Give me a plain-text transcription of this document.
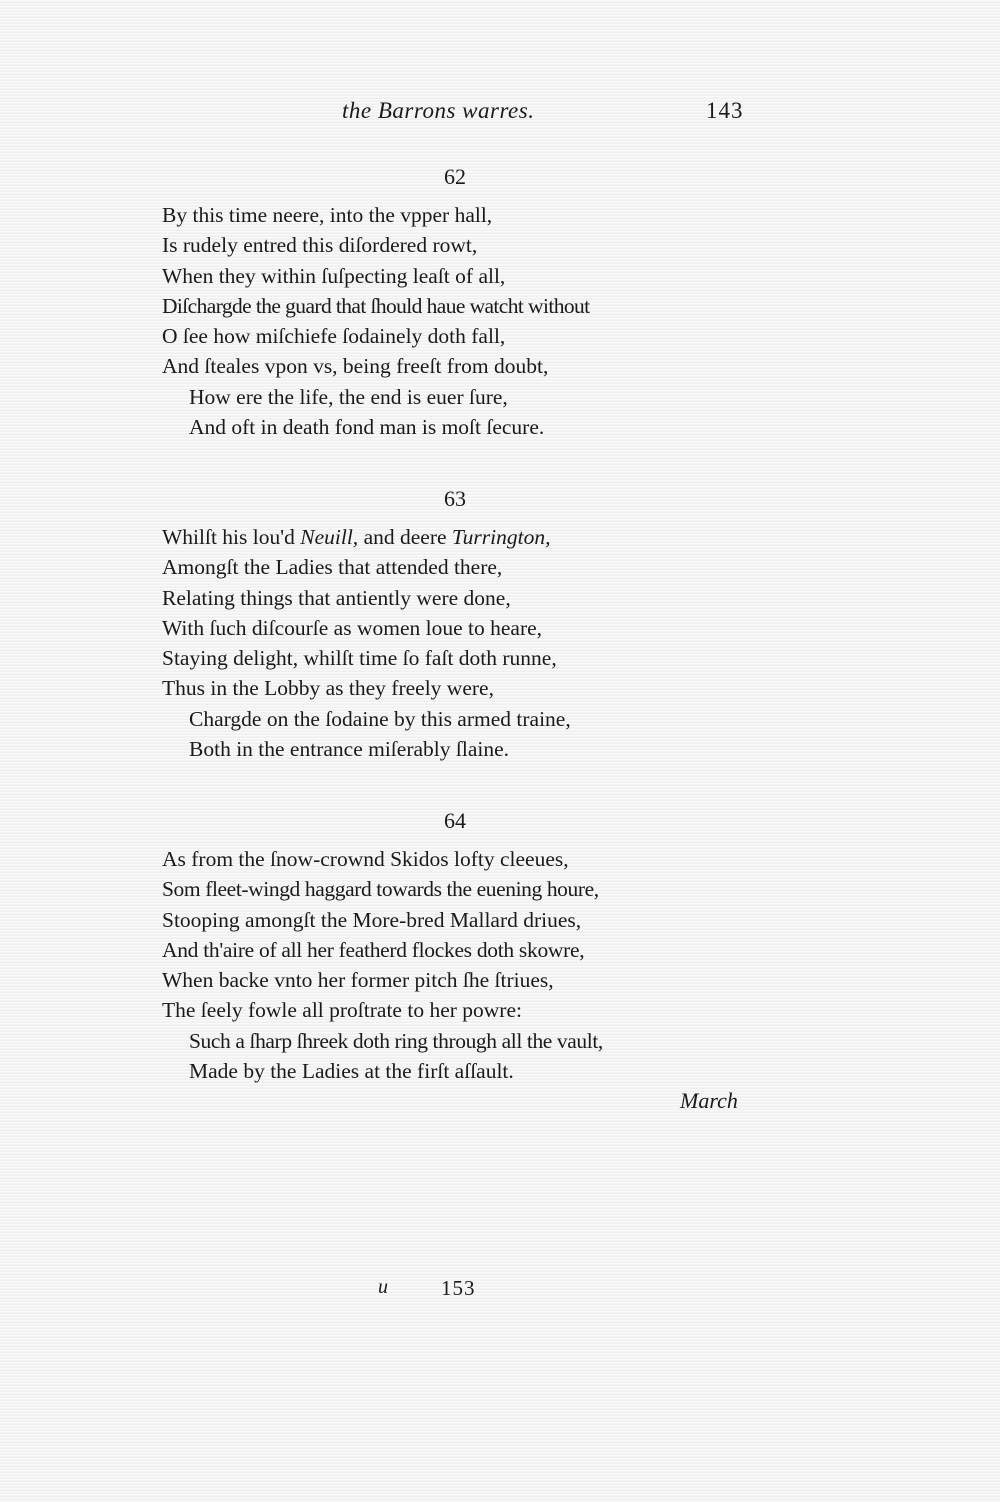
the Barrons warres.	143
62
By this time neere, into the vpper hall,
Is rudely entred this diſordered rowt,
When they within ſuſpecting leaſt of all,
Diſchargde the guard that ſhould haue watcht without
O ſee how miſchiefe ſodainely doth fall,
And ſteales vpon vs, being freeſt from doubt,
How ere the life, the end is euer ſure,
And oft in death fond man is moſt ſecure.
63
Whilſt his lou'd Neuill, and deere Turrington,
Amongſt the Ladies that attended there,
Relating things that antiently were done,
With ſuch diſcourſe as women loue to heare,
Staying delight, whilſt time ſo faſt doth runne,
Thus in the Lobby as they freely were,
Chargde on the ſodaine by this armed traine,
Both in the entrance miſerably ſlaine.
64
As from the ſnow-crownd Skidos lofty cleeues,
Som fleet-wingd haggard towards the euening houre,
Stooping amongſt the More-bred Mallard driues,
And th'aire of all her featherd flockes doth skowre,
When backe vnto her former pitch ſhe ſtriues,
The ſeely fowle all proſtrate to her powre:
Such a ſharp ſhreek doth ring through all the vault,
Made by the Ladies at the firſt aſſault.
March
u	153
